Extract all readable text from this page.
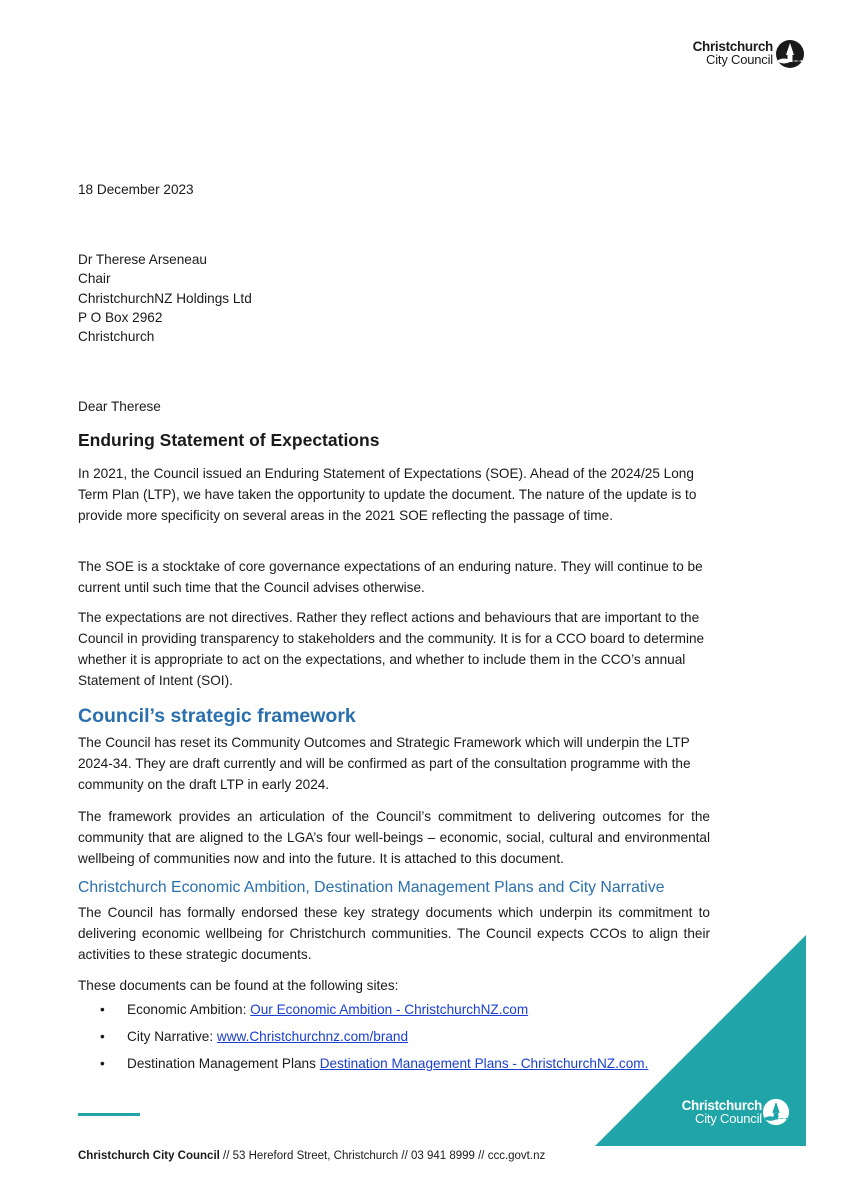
Christchurch
City Council
18 December 2023
Dr Therese Arseneau
Chair
ChristchurchNZ Holdings Ltd
P O Box 2962
Christchurch
Dear Therese
Enduring Statement of Expectations

In 2021, the Council issued an Enduring Statement of Expectations (SOE). Ahead of the 2024/25 Long Term Plan (LTP), we have taken the opportunity to update the document. The nature of the update is to provide more specificity on several areas in the 2021 SOE reflecting the passage of time.

The SOE is a stocktake of core governance expectations of an enduring nature. They will continue to be current until such time that the Council advises otherwise.

The expectations are not directives. Rather they reflect actions and behaviours that are important to the Council in providing transparency to stakeholders and the community. It is for a CCO board to determine whether it is appropriate to act on the expectations, and whether to include them in the CCO’s annual Statement of Intent (SOI).

Council’s strategic framework

The Council has reset its Community Outcomes and Strategic Framework which will underpin the LTP 2024-34. They are draft currently and will be confirmed as part of the consultation programme with the community on the draft LTP in early 2024.

The framework provides an articulation of the Council’s commitment to delivering outcomes for the community that are aligned to the LGA’s four well-beings – economic, social, cultural and environmental wellbeing of communities now and into the future. It is attached to this document.

Christchurch Economic Ambition, Destination Management Plans and City Narrative

The Council has formally endorsed these key strategy documents which underpin its commitment to delivering economic wellbeing for Christchurch communities. The Council expects CCOs to align their activities to these strategic documents.

These documents can be found at the following sites:

• Economic Ambition: Our Economic Ambition - ChristchurchNZ.com
• City Narrative: www.Christchurchnz.com/brand
• Destination Management Plans Destination Management Plans - ChristchurchNZ.com.
Christchurch
City Council
Christchurch City Council // 53 Hereford Street, Christchurch // 03 941 8999 // ccc.govt.nz
